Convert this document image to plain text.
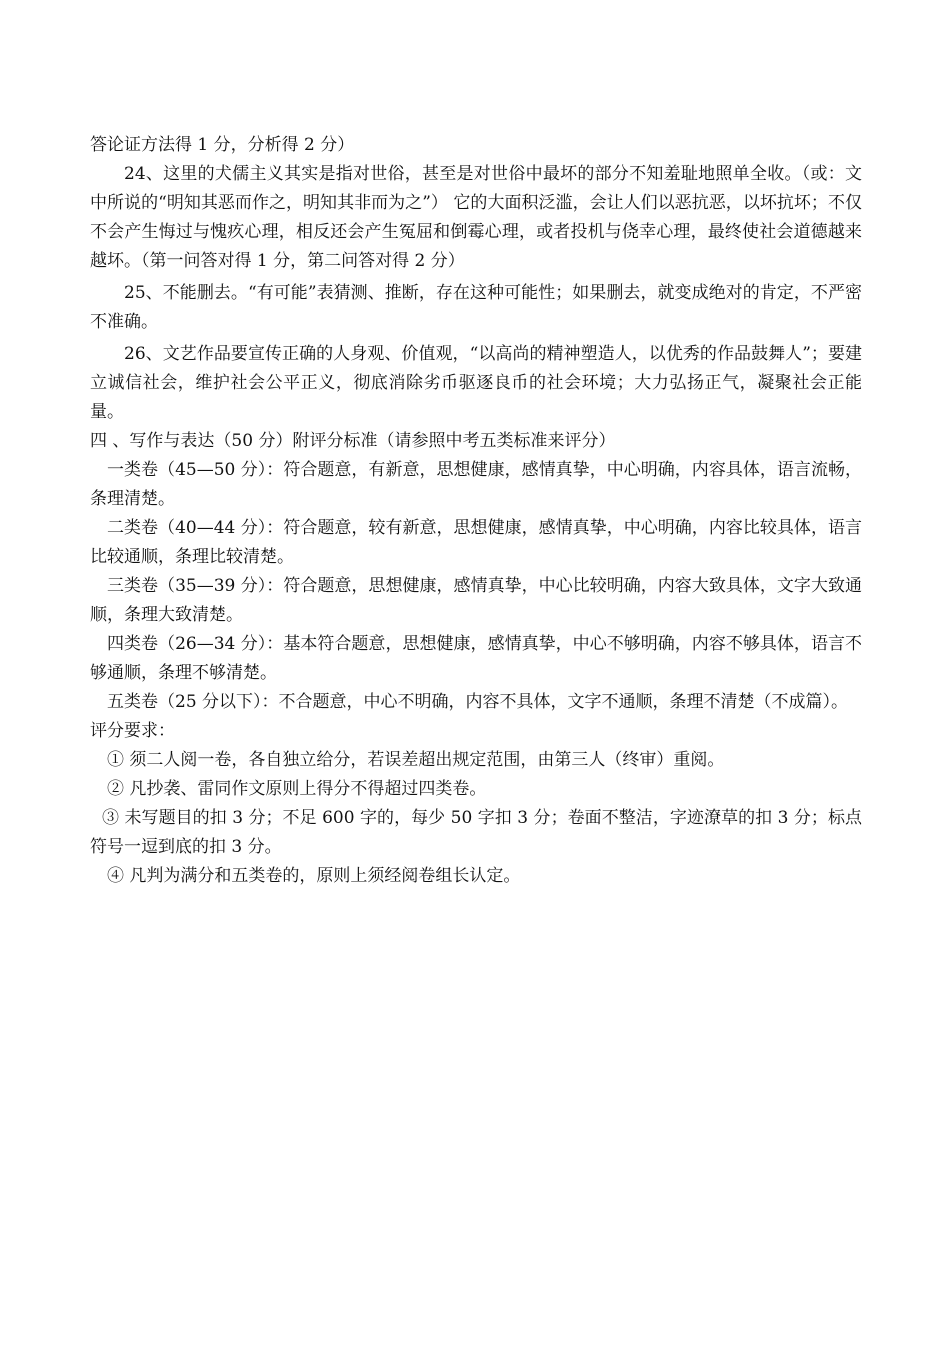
答论证方法得 1 分，分析得 2 分）

24、这里的犬儒主义其实是指对世俗，甚至是对世俗中最坏的部分不知羞耻地照单全收。（或：文中所说的“明知其恶而作之，明知其非而为之”） 它的大面积泛滥，会让人们以恶抗恶，以坏抗坏；不仅不会产生悔过与愧疚心理，相反还会产生冤屈和倒霉心理，或者投机与侥幸心理，最终使社会道德越来越坏。（第一问答对得 1 分，第二问答对得 2 分）

25、不能删去。“有可能”表猜测、推断，存在这种可能性；如果删去，就变成绝对的肯定，不严密不准确。

26、文艺作品要宣传正确的人身观、价值观，“以高尚的精神塑造人，以优秀的作品鼓舞人”；要建立诚信社会，维护社会公平正义，彻底消除劣币驱逐良币的社会环境；大力弘扬正气，凝聚社会正能量。

四 、写作与表达（50 分）附评分标准（请参照中考五类标准来评分）

一类卷（45—50 分）：符合题意，有新意，思想健康，感情真挚，中心明确，内容具体，语言流畅，条理清楚。

二类卷（40—44 分）：符合题意，较有新意，思想健康，感情真挚，中心明确，内容比较具体，语言比较通顺，条理比较清楚。

三类卷（35—39 分）：符合题意，思想健康，感情真挚，中心比较明确，内容大致具体，文字大致通顺，条理大致清楚。

四类卷（26—34 分）：基本符合题意，思想健康，感情真挚，中心不够明确，内容不够具体，语言不够通顺，条理不够清楚。

五类卷（25 分以下）：不合题意，中心不明确，内容不具体，文字不通顺，条理不清楚（不成篇）。

评分要求：

① 须二人阅一卷，各自独立给分，若误差超出规定范围，由第三人（终审）重阅。

② 凡抄袭、雷同作文原则上得分不得超过四类卷。

③ 未写题目的扣 3 分；不足 600 字的，每少 50 字扣 3 分；卷面不整洁，字迹潦草的扣 3 分；标点符号一逗到底的扣 3 分。

④ 凡判为满分和五类卷的，原则上须经阅卷组长认定。
